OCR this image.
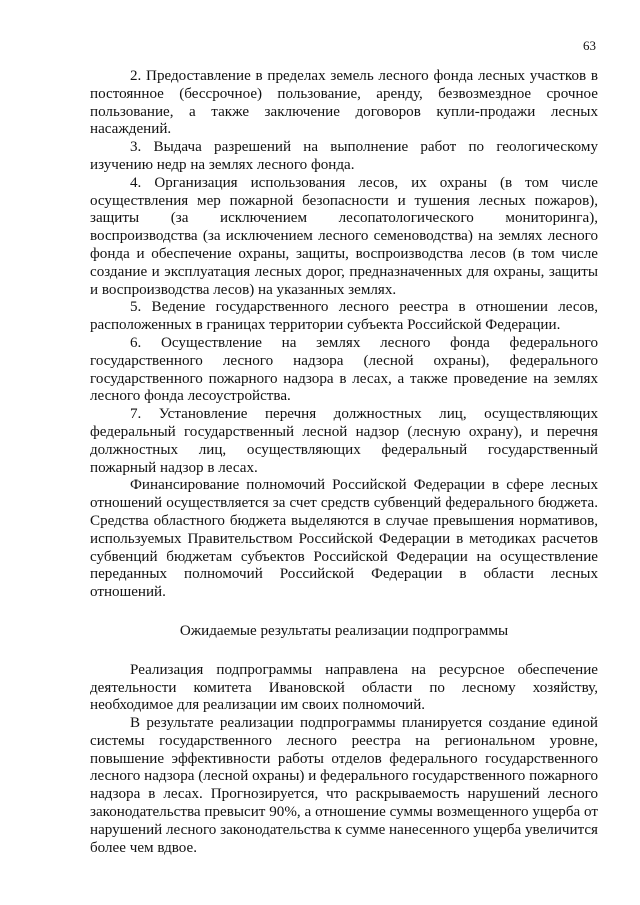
63

2. Предоставление в пределах земель лесного фонда лесных участков в постоянное (бессрочное) пользование, аренду, безвозмездное срочное пользование, а также заключение договоров купли-продажи лесных насаждений.

3. Выдача разрешений на выполнение работ по геологическому изучению недр на землях лесного фонда.

4. Организация использования лесов, их охраны (в том числе осуществления мер пожарной безопасности и тушения лесных пожаров), защиты (за исключением лесопатологического мониторинга), воспроизводства (за исключением лесного семеноводства) на землях лесного фонда и обеспечение охраны, защиты, воспроизводства лесов (в том числе создание и эксплуатация лесных дорог, предназначенных для охраны, защиты и воспроизводства лесов) на указанных землях.

5. Ведение государственного лесного реестра в отношении лесов, расположенных в границах территории субъекта Российской Федерации.

6. Осуществление на землях лесного фонда федерального государственного лесного надзора (лесной охраны), федерального государственного пожарного надзора в лесах, а также проведение на землях лесного фонда лесоустройства.

7. Установление перечня должностных лиц, осуществляющих федеральный государственный лесной надзор (лесную охрану), и перечня должностных лиц, осуществляющих федеральный государственный пожарный надзор в лесах.

Финансирование полномочий Российской Федерации в сфере лесных отношений осуществляется за счет средств субвенций федерального бюджета. Средства областного бюджета выделяются в случае превышения нормативов, используемых Правительством Российской Федерации в методиках расчетов субвенций бюджетам субъектов Российской Федерации на осуществление переданных полномочий Российской Федерации в области лесных отношений.

Ожидаемые результаты реализации подпрограммы

Реализация подпрограммы направлена на ресурсное обеспечение деятельности комитета Ивановской области по лесному хозяйству, необходимое для реализации им своих полномочий.

В результате реализации подпрограммы планируется создание единой системы государственного лесного реестра на региональном уровне, повышение эффективности работы отделов федерального государственного лесного надзора (лесной охраны) и федерального государственного пожарного надзора в лесах. Прогнозируется, что раскрываемость нарушений лесного законодательства превысит 90%, а отношение суммы возмещенного ущерба от нарушений лесного законодательства к сумме нанесенного ущерба увеличится более чем вдвое.
